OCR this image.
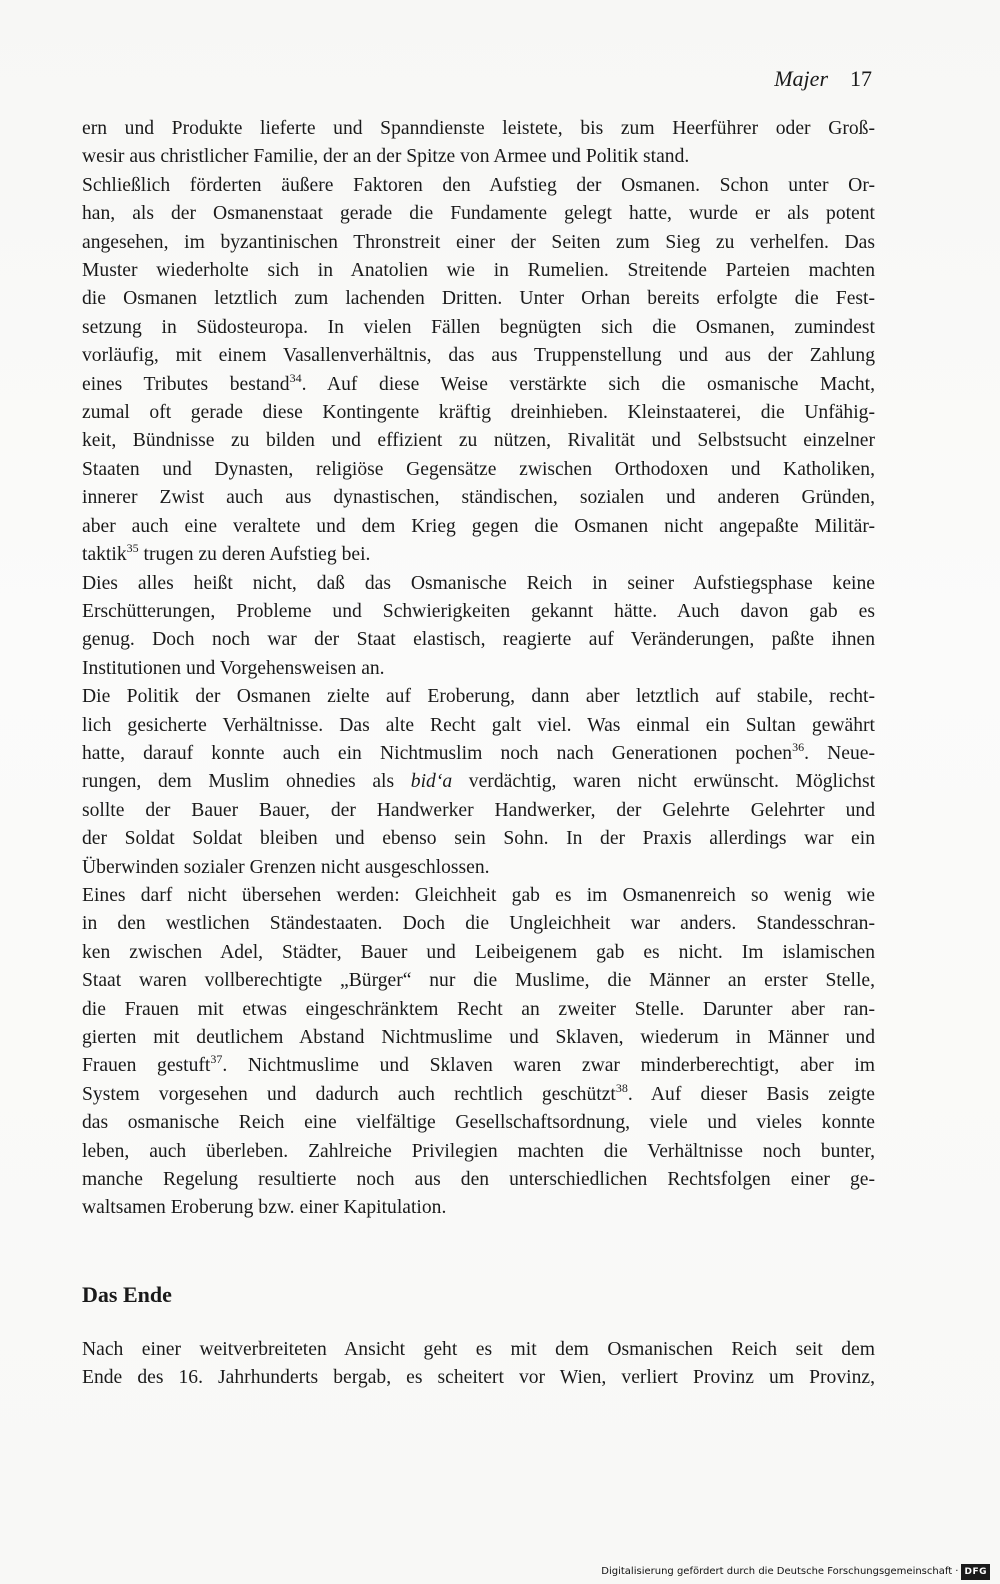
Majer 17

ern und Produkte lieferte und Spanndienste leistete, bis zum Heerführer oder Groß-
wesir aus christlicher Familie, der an der Spitze von Armee und Politik stand.

Schließlich förderten äußere Faktoren den Aufstieg der Osmanen. Schon unter Or-
han, als der Osmanenstaat gerade die Fundamente gelegt hatte, wurde er als potent
angesehen, im byzantinischen Thronstreit einer der Seiten zum Sieg zu verhelfen. Das
Muster wiederholte sich in Anatolien wie in Rumelien. Streitende Parteien machten
die Osmanen letztlich zum lachenden Dritten. Unter Orhan bereits erfolgte die Fest-
setzung in Südosteuropa. In vielen Fällen begnügten sich die Osmanen, zumindest
vorläufig, mit einem Vasallenverhältnis, das aus Truppenstellung und aus der Zahlung
eines Tributes bestand$^{34}$. Auf diese Weise verstärkte sich die osmanische Macht,
zumal oft gerade diese Kontingente kräftig dreinhieben. Kleinstaaterei, die Unfähig-
keit, Bündnisse zu bilden und effizient zu nützen, Rivalität und Selbstsucht einzelner
Staaten und Dynasten, religiöse Gegensätze zwischen Orthodoxen und Katholiken,
innerer Zwist auch aus dynastischen, ständischen, sozialen und anderen Gründen,
aber auch eine veraltete und dem Krieg gegen die Osmanen nicht angepaßte Militär-
taktik$^{35}$ trugen zu deren Aufstieg bei.

Dies alles heißt nicht, daß das Osmanische Reich in seiner Aufstiegsphase keine
Erschütterungen, Probleme und Schwierigkeiten gekannt hätte. Auch davon gab es
genug. Doch noch war der Staat elastisch, reagierte auf Veränderungen, paßte ihnen
Institutionen und Vorgehensweisen an.

Die Politik der Osmanen zielte auf Eroberung, dann aber letztlich auf stabile, recht-
lich gesicherte Verhältnisse. Das alte Recht galt viel. Was einmal ein Sultan gewährt
hatte, darauf konnte auch ein Nichtmuslim noch nach Generationen pochen$^{36}$. Neue-
rungen, dem Muslim ohnedies als bid‘a verdächtig, waren nicht erwünscht. Möglichst
sollte der Bauer Bauer, der Handwerker Handwerker, der Gelehrte Gelehrter und
der Soldat Soldat bleiben und ebenso sein Sohn. In der Praxis allerdings war ein
Überwinden sozialer Grenzen nicht ausgeschlossen.

Eines darf nicht übersehen werden: Gleichheit gab es im Osmanenreich so wenig wie
in den westlichen Ständestaaten. Doch die Ungleichheit war anders. Standesschran-
ken zwischen Adel, Städter, Bauer und Leibeigenem gab es nicht. Im islamischen
Staat waren vollberechtigte „Bürger“ nur die Muslime, die Männer an erster Stelle,
die Frauen mit etwas eingeschränktem Recht an zweiter Stelle. Darunter aber ran-
gierten mit deutlichem Abstand Nichtmuslime und Sklaven, wiederum in Männer und
Frauen gestuft$^{37}$. Nichtmuslime und Sklaven waren zwar minderberechtigt, aber im
System vorgesehen und dadurch auch rechtlich geschützt$^{38}$. Auf dieser Basis zeigte
das osmanische Reich eine vielfältige Gesellschaftsordnung, viele und vieles konnte
leben, auch überleben. Zahlreiche Privilegien machten die Verhältnisse noch bunter,
manche Regelung resultierte noch aus den unterschiedlichen Rechtsfolgen einer ge-
waltsamen Eroberung bzw. einer Kapitulation.

Das Ende
Nach einer weitverbreiteten Ansicht geht es mit dem Osmanischen Reich seit dem
Ende des 16. Jahrhunderts bergab, es scheitert vor Wien, verliert Provinz um Provinz,
Digitalisierung gefördert durch die Deutsche Forschungsgemeinschaft · DFG
